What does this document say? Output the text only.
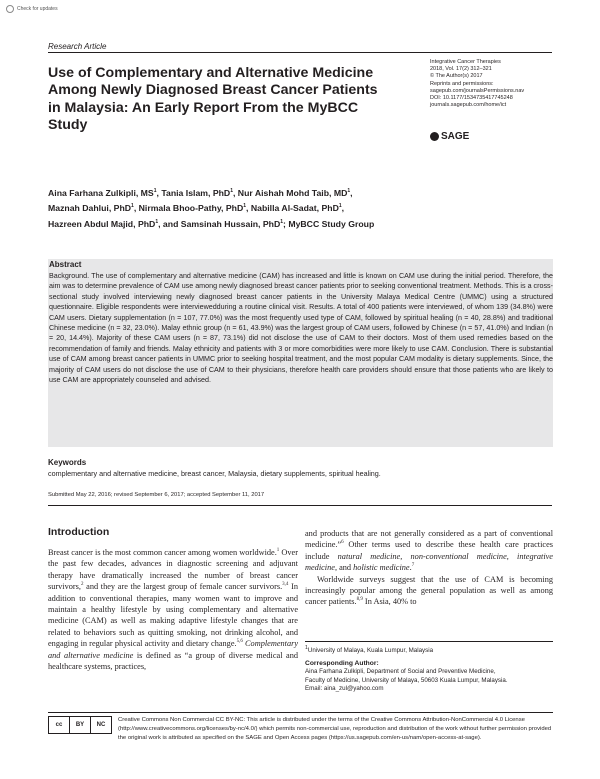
Check for updates
Research Article
Use of Complementary and Alternative Medicine Among Newly Diagnosed Breast Cancer Patients in Malaysia: An Early Report From the MyBCC Study
Integrative Cancer Therapies
2018, Vol. 17(2) 312–321
© The Author(s) 2017
Reprints and permissions:
sagepub.com/journalsPermissions.nav
DOI: 10.1177/1534735417745248
journals.sagepub.com/home/ict
SAGE
Aina Farhana Zulkipli, $MS^1$, Tania Islam, PhD$^1$, Nur Aishah Mohd Taib, $MD^1$,
Maznah Dahlui, PhD$^1$, Nirmala Bhoo-Pathy, PhD$^1$, Nabilla Al-Sadat, PhD$^1$,
Hazreen Abdul Majid, PhD$^1$, and Samsinah Hussain, PhD$^1$; MyBCC Study Group
Abstract
Background. The use of complementary and alternative medicine (CAM) has increased and little is known on CAM use during the initial period. Therefore, the aim was to determine prevalence of CAM use among newly diagnosed breast cancer patients prior to seeking conventional treatment. Methods. This is a cross-sectional study involved interviewing newly diagnosed breast cancer patients in the University Malaya Medical Centre (UMMC) using a structured questionnaire. Eligible respondents were interviewedduring a routine clinical visit. Results. A total of 400 patients were interviewed, of whom 139 (34.8%) were CAM users. Dietary supplementation (n = 107, 77.0%) was the most frequently used type of CAM, followed by spiritual healing (n = 40, 28.8%) and traditional Chinese medicine (n = 32, 23.0%). Malay ethnic group (n = 61, 43.9%) was the largest group of CAM users, followed by Chinese (n = 57, 41.0%) and Indian (n = 20, 14.4%). Majority of these CAM users (n = 87, 73.1%) did not disclose the use of CAM to their doctors. Most of them used remedies based on the recommendation of family and friends. Malay ethnicity and patients with 3 or more comorbidities were more likely to use CAM. Conclusion. There is substantial use of CAM among breast cancer patients in UMMC prior to seeking hospital treatment, and the most popular CAM modality is dietary supplements. Since, the majority of CAM users do not disclose the use of CAM to their physicians, therefore health care providers should ensure that those patients who are likely to use CAM are appropriately counseled and advised.
Keywords
complementary and alternative medicine, breast cancer, Malaysia, dietary supplements, spiritual healing.
Submitted May 22, 2016; revised September 6, 2017; accepted September 11, 2017
Introduction

Breast cancer is the most common cancer among women worldwide.$^1$ Over the past few decades, advances in diagnostic screening and adjuvant therapy have dramatically increased the number of breast cancer survivors,$^2$ and they are the largest group of female cancer survivors.$^{3,4}$ In addition to conventional therapies, many women want to improve and maintain a healthy lifestyle by using complementary and alternative medicine (CAM) as well as making adaptive lifestyle changes that are related to behaviors such as quitting smoking, not drinking alcohol, and engaging in regular physical activity and dietary change.$^{5,6}$ Complementary and alternative medicine is defined as “a group of diverse medical and healthcare systems, practices,

and products that are not generally considered as a part of conventional medicine.”$^6$ Other terms used to describe these health care practices include natural medicine, non-conventional medicine, integrative medicine, and holistic medicine.$^7$

Worldwide surveys suggest that the use of CAM is becoming increasingly popular among the general population as well as among cancer patients.$^{8,9}$ In Asia, 40% to

$^1$University of Malaya, Kuala Lumpur, Malaysia
Corresponding Author:
Aina Farhana Zulkipli, Department of Social and Preventive Medicine,
Faculty of Medicine, University of Malaya, 50603 Kuala Lumpur, Malaysia.
Email: aina_zul@yahoo.com
cc	BY	NC
Creative Commons Non Commercial CC BY-NC: This article is distributed under the terms of the Creative Commons Attribution-NonCommercial 4.0 License (http://www.creativecommons.org/licenses/by-nc/4.0/) which permits non-commercial use, reproduction and distribution of the work without further permission provided the original work is attributed as specified on the SAGE and Open Access pages (https://us.sagepub.com/en-us/nam/open-access-at-sage).
